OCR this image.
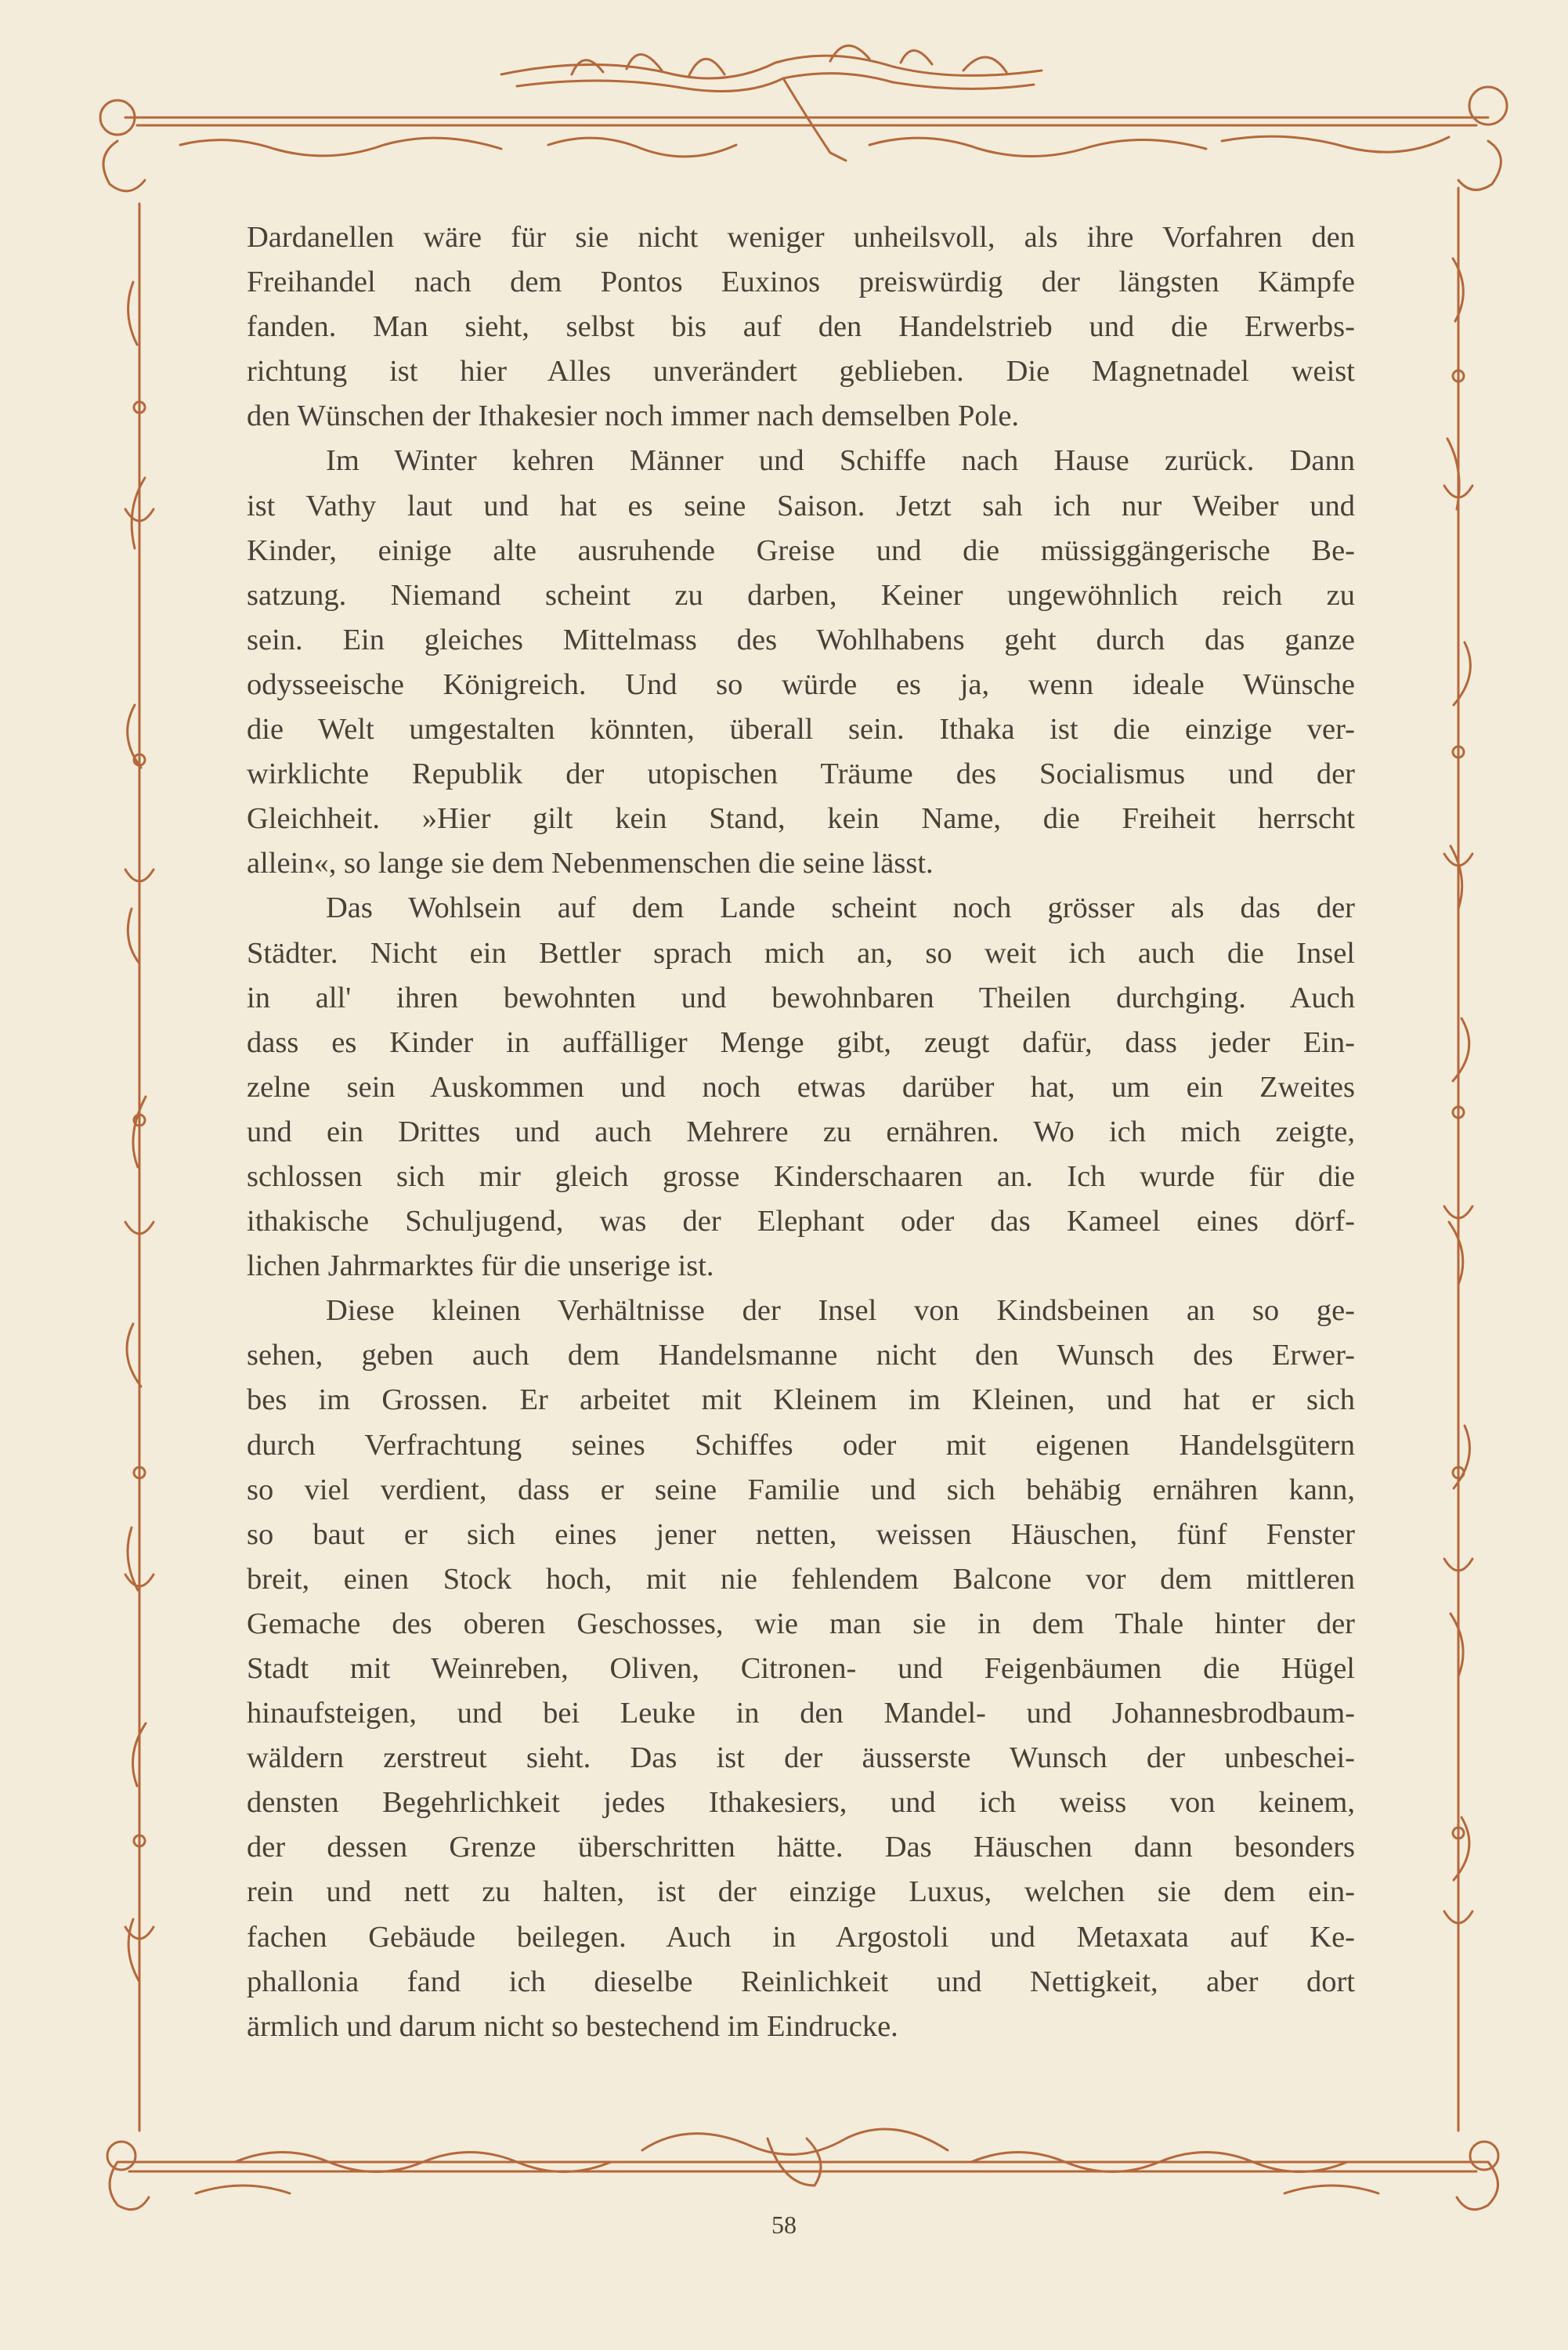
Dardanellen wäre für sie nicht weniger unheilsvoll, als ihre Vorfahren den
Freihandel nach dem Pontos Euxinos preiswürdig der längsten Kämpfe
fanden. Man sieht, selbst bis auf den Handelstrieb und die Erwerbs-
richtung ist hier Alles unverändert geblieben. Die Magnetnadel weist
den Wünschen der Ithakesier noch immer nach demselben Pole.
Im Winter kehren Männer und Schiffe nach Hause zurück. Dann
ist Vathy laut und hat es seine Saison. Jetzt sah ich nur Weiber und
Kinder, einige alte ausruhende Greise und die müssiggängerische Be-
satzung. Niemand scheint zu darben, Keiner ungewöhnlich reich zu
sein. Ein gleiches Mittelmass des Wohlhabens geht durch das ganze
odysseeische Königreich. Und so würde es ja, wenn ideale Wünsche
die Welt umgestalten könnten, überall sein. Ithaka ist die einzige ver-
wirklichte Republik der utopischen Träume des Socialismus und der
Gleichheit. »Hier gilt kein Stand, kein Name, die Freiheit herrscht
allein«, so lange sie dem Nebenmenschen die seine lässt.
Das Wohlsein auf dem Lande scheint noch grösser als das der
Städter. Nicht ein Bettler sprach mich an, so weit ich auch die Insel
in all' ihren bewohnten und bewohnbaren Theilen durchging. Auch
dass es Kinder in auffälliger Menge gibt, zeugt dafür, dass jeder Ein-
zelne sein Auskommen und noch etwas darüber hat, um ein Zweites
und ein Drittes und auch Mehrere zu ernähren. Wo ich mich zeigte,
schlossen sich mir gleich grosse Kinderschaaren an. Ich wurde für die
ithakische Schuljugend, was der Elephant oder das Kameel eines dörf-
lichen Jahrmarktes für die unserige ist.
Diese kleinen Verhältnisse der Insel von Kindsbeinen an so ge-
sehen, geben auch dem Handelsmanne nicht den Wunsch des Erwer-
bes im Grossen. Er arbeitet mit Kleinem im Kleinen, und hat er sich
durch Verfrachtung seines Schiffes oder mit eigenen Handelsgütern
so viel verdient, dass er seine Familie und sich behäbig ernähren kann,
so baut er sich eines jener netten, weissen Häuschen, fünf Fenster
breit, einen Stock hoch, mit nie fehlendem Balcone vor dem mittleren
Gemache des oberen Geschosses, wie man sie in dem Thale hinter der
Stadt mit Weinreben, Oliven, Citronen- und Feigenbäumen die Hügel
hinaufsteigen, und bei Leuke in den Mandel- und Johannesbrodbaum-
wäldern zerstreut sieht. Das ist der äusserste Wunsch der unbeschei-
densten Begehrlichkeit jedes Ithakesiers, und ich weiss von keinem,
der dessen Grenze überschritten hätte. Das Häuschen dann besonders
rein und nett zu halten, ist der einzige Luxus, welchen sie dem ein-
fachen Gebäude beilegen. Auch in Argostoli und Metaxata auf Ke-
phallonia fand ich dieselbe Reinlichkeit und Nettigkeit, aber dort
ärmlich und darum nicht so bestechend im Eindrucke.
58
